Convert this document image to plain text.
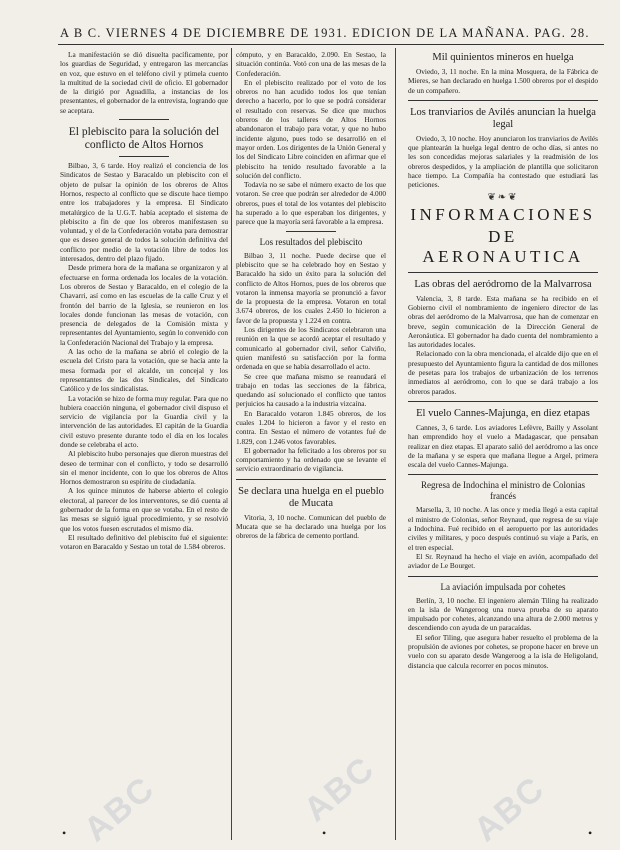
A B C. VIERNES 4 DE DICIEMBRE DE 1931. EDICION DE LA MAÑANA. PAG. 28.

La manifestación se dió disuelta pacíficamente, por los guardias de Seguridad, y entregaron las mercancías en voz, que estuvo en el teléfono civil y ptimela cuento la multitud de la sociedad civil de oficio. El gobernador de la dirigió por Aguadilla, a instancias de los presentantes, el gobernador de la entrevista, logrando que se aceptara.

El plebiscito para la solución del conflicto de Altos Hornos

Bilbao, 3, 6 tarde. Hoy realizó el conciencia de los Sindicatos de Sestao y Baracaldo un plebiscito con el objeto de pulsar la opinión de los obreros de Altos Hornos, respecto al conflicto que se discute hace tiempo entre los trabajadores y la empresa. El Sindicato metalúrgico de la U.G.T. había aceptado el sistema de plebiscito a fin de que los obreros manifestasen su voluntad, y el de la Confederación votaba para demostrar que es deseo general de todos la solución definitiva del conflicto por medio de la votación libre de todos los interesados, dentro del plazo fijado.

Desde primera hora de la mañana se organizaron y al efectuarse en forma ordenada los locales de la votación. Los obreros de Sestao y Baracaldo, en el colegio de la Chavarri, así como en las escuelas de la calle Cruz y el frontón del barrio de la Iglesia, se reunieron en los locales donde funcionan las mesas de votación, con presencia de delegados de la Comisión mixta y representantes del Ayuntamiento, según lo convenido con la Confederación Nacional del Trabajo y la empresa.

A las ocho de la mañana se abrió el colegio de la escuela del Cristo para la votación, que se hacía ante la mesa formada por el alcalde, un concejal y los representantes de las dos Sindicales, del Sindicato Católico y de los sindicalistas.

La votación se hizo de forma muy regular. Para que no hubiera coacción ninguna, el gobernador civil dispuso el servicio de vigilancia por la Guardia civil y la intervención de las autoridades. El capitán de la Guardia civil estuvo presente durante todo el día en los locales donde se celebraba el acto.

Al plebiscito hubo personajes que dieron muestras del deseo de terminar con el conflicto, y todo se desarrolló sin el menor incidente, con lo que los obreros de Altos Hornos demostraron su espíritu de ciudadanía.

A los quince minutos de haberse abierto el colegio electoral, al parecer de los interventores, se dió cuenta al gobernador de la forma en que se votaba. En el resto de las mesas se siguió igual procedimiento, y se resolvió que los votos fuesen escrutados el mismo día.

El resultado definitivo del plebiscito fué el siguiente: votaron en Baracaldo y Sestao un total de 1.584 obreros.

cómputo, y en Baracaldo, 2.090. En Sestao, la situación continúa. Votó con una de las mesas de la Confederación.

En el plebiscito realizado por el voto de los obreros no han acudido todos los que tenían derecho a hacerlo, por lo que se podrá considerar el resultado con reservas. Se dice que muchos obreros de los talleres de Altos Hornos abandonaron el trabajo para votar, y que no hubo incidente alguno, pues todo se desarrolló en el mayor orden. Los dirigentes de la Unión General y los del Sindicato Libre coinciden en afirmar que el plebiscito ha tenido resultado favorable a la solución del conflicto.

Todavía no se sabe el número exacto de los que votaron. Se cree que podrán ser alrededor de 4.000 obreros, pues el total de los votantes del plebiscito ha superado a lo que esperaban los dirigentes, y parece que la mayoría será favorable a la empresa.

Los resultados del plebiscito

Bilbao 3, 11 noche. Puede decirse que el plebiscito que se ha celebrado hoy en Sestao y Baracaldo ha sido un éxito para la solución del conflicto de Altos Hornos, pues de los obreros que votaron la inmensa mayoría se pronunció a favor de la propuesta de la empresa. Votaron en total 3.674 obreros, de los cuales 2.450 lo hicieron a favor de la propuesta y 1.224 en contra.

Los dirigentes de los Sindicatos celebraron una reunión en la que se acordó aceptar el resultado y comunicarlo al gobernador civil, señor Calviño, quien manifestó su satisfacción por la forma ordenada en que se había desarrollado el acto.

Se cree que mañana mismo se reanudará el trabajo en todas las secciones de la fábrica, quedando así solucionado el conflicto que tantos perjuicios ha causado a la industria vizcaína.

En Baracaldo votaron 1.845 obreros, de los cuales 1.204 lo hicieron a favor y el resto en contra. En Sestao el número de votantes fué de 1.829, con 1.246 votos favorables.

El gobernador ha felicitado a los obreros por su comportamiento y ha ordenado que se levante el servicio extraordinario de vigilancia.

Se declara una huelga en el pueblo de Mucata

Vitoria, 3, 10 noche. Comunican del pueblo de Mucata que se ha declarado una huelga por los obreros de la fábrica de cemento portland.

Mil quinientos mineros en huelga

Oviedo, 3, 11 noche. En la mina Mosquera, de la Fábrica de Mieres, se han declarado en huelga 1.500 obreros por el despido de un compañero.

Los tranviarios de Avilés anuncian la huelga legal

Oviedo, 3, 10 noche. Hoy anunciaron los tranviarios de Avilés que plantearán la huelga legal dentro de ocho días, si antes no les son concedidas mejoras salariales y la readmisión de los obreros despedidos, y la ampliación de plantilla que solicitaron hace tiempo. La Compañía ha contestado que estudiará las peticiones.

❦❧❦
INFORMACIONES
DE AERONAUTICA
Las obras del aeródromo de la Malvarrosa

Valencia, 3, 8 tarde. Esta mañana se ha recibido en el Gobierno civil el nombramiento de ingeniero director de las obras del aeródromo de la Malvarrosa, que han de comenzar en breve, según comunicación de la Dirección General de Aeronáutica. El gobernador ha dado cuenta del nombramiento a las autoridades locales.

Relacionado con la obra mencionada, el alcalde dijo que en el presupuesto del Ayuntamiento figura la cantidad de dos millones de pesetas para los trabajos de urbanización de los terrenos inmediatos al aeródromo, con lo que se dará trabajo a los obreros parados.

El vuelo Cannes-Majunga, en diez etapas

Cannes, 3, 6 tarde. Los aviadores Lefèvre, Bailly y Assolant han emprendido hoy el vuelo a Madagascar, que pensaban realizar en diez etapas. El aparato salió del aeródromo a las once de la mañana y se espera que mañana llegue a Argel, primera escala del vuelo Cannes-Majunga.

Regresa de Indochina el ministro de Colonias francés

Marsella, 3, 10 noche. A las once y media llegó a esta capital el ministro de Colonias, señor Reynaud, que regresa de su viaje a Indochina. Fué recibido en el aeropuerto por las autoridades civiles y militares, y poco después continuó su viaje a París, en el tren especial.

El Sr. Reynaud ha hecho el viaje en avión, acompañado del aviador de Le Bourget.

La aviación impulsada por cohetes

Berlín, 3, 10 noche. El ingeniero alemán Tiling ha realizado en la isla de Wangeroog una nueva prueba de su aparato impulsado por cohetes, alcanzando una altura de 2.000 metros y descendiendo con ayuda de un paracaídas.

El señor Tiling, que asegura haber resuelto el problema de la propulsión de aviones por cohetes, se propone hacer en breve un vuelo con su aparato desde Wangeroog a la isla de Heligoland, distancia que calcula recorrer en pocos minutos.

ABC	ABC ABC
•	•	•
